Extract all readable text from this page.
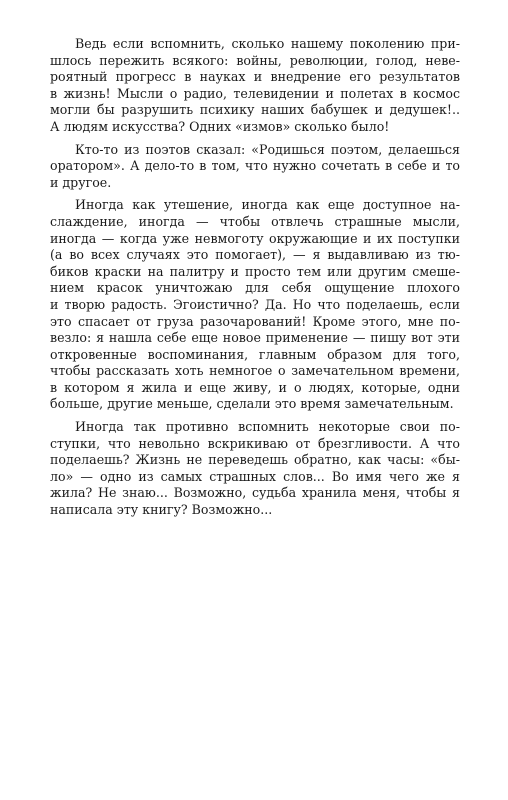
Ведь если вспомнить, сколько нашему поколению при-
шлось пережить всякого: войны, революции, голод, неве-
роятный прогресс в науках и внедрение его результатов
в жизнь! Мысли о радио, телевидении и полетах в космос
могли бы разрушить психику наших бабушек и дедушек!..
А людям искусства? Одних «измов» сколько было!
Кто-то из поэтов сказал: «Родишься поэтом, делаешься
оратором». А дело-то в том, что нужно сочетать в себе и то
и другое.
Иногда как утешение, иногда как еще доступное на-
слаждение, иногда — чтобы отвлечь страшные мысли,
иногда — когда уже невмоготу окружающие и их поступки
(а во всех случаях это помогает), — я выдавливаю из тю-
биков краски на палитру и просто тем или другим смеше-
нием красок уничтожаю для себя ощущение плохого
и творю радость. Эгоистично? Да. Но что поделаешь, если
это спасает от груза разочарований! Кроме этого, мне по-
везло: я нашла себе еще новое применение — пишу вот эти
откровенные воспоминания, главным образом для того,
чтобы рассказать хоть немногое о замечательном времени,
в котором я жила и еще живу, и о людях, которые, одни
больше, другие меньше, сделали это время замечательным.
Иногда так противно вспомнить некоторые свои по-
ступки, что невольно вскрикиваю от брезгливости. А что
поделаешь? Жизнь не переведешь обратно, как часы: «бы-
ло» — одно из самых страшных слов... Во имя чего же я
жила? Не знаю... Возможно, судьба хранила меня, чтобы я
написала эту книгу? Возможно...
